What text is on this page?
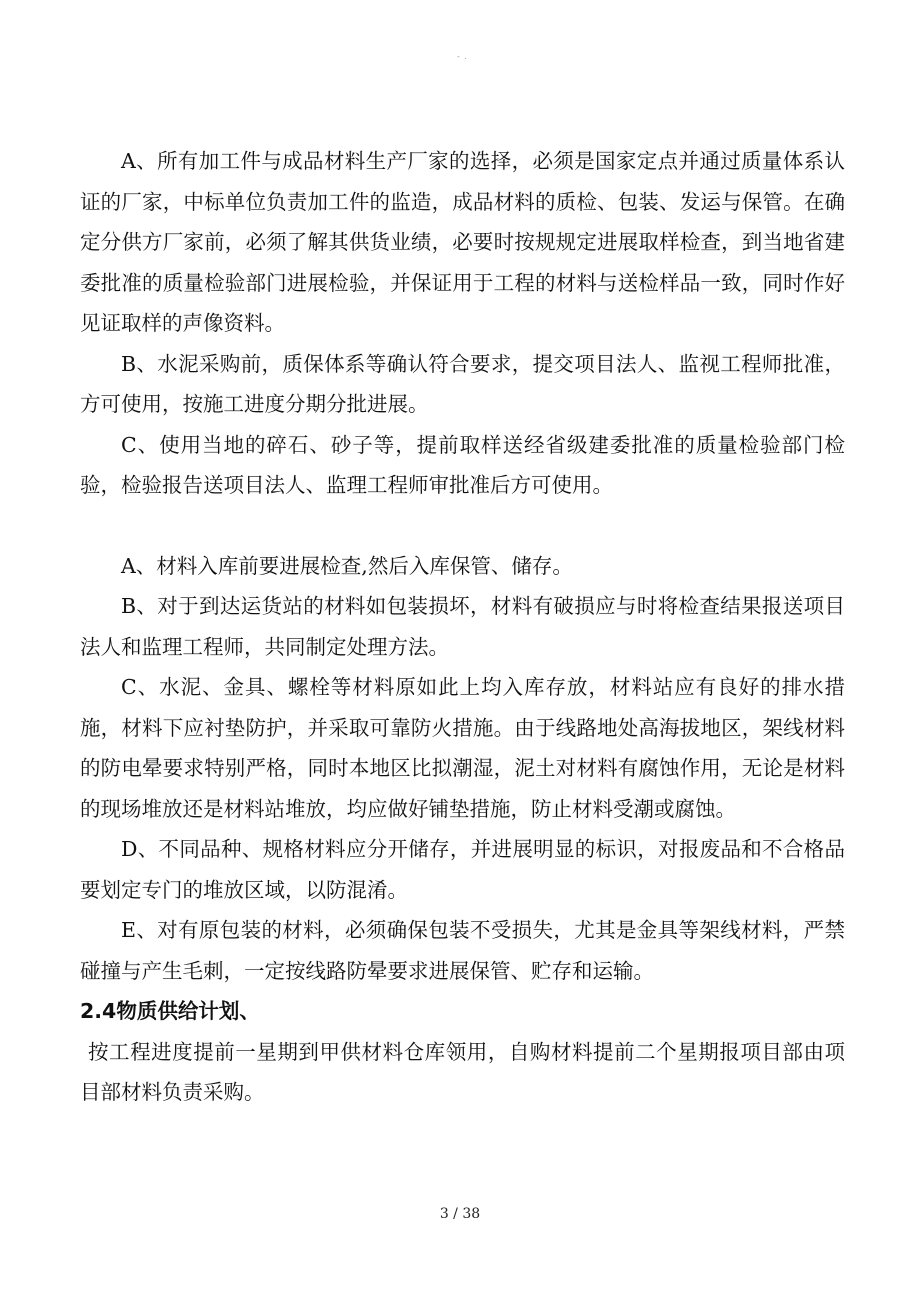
- .

A、所有加工件与成品材料生产厂家的选择，必须是国家定点并通过质量体系认证的厂家，中标单位负责加工件的监造，成品材料的质检、包装、发运与保管。在确定分供方厂家前，必须了解其供货业绩，必要时按规规定进展取样检查，到当地省建委批准的质量检验部门进展检验，并保证用于工程的材料与送检样品一致，同时作好见证取样的声像资料。

B、水泥采购前，质保体系等确认符合要求，提交项目法人、监视工程师批准，方可使用，按施工进度分期分批进展。

C、使用当地的碎石、砂子等，提前取样送经省级建委批准的质量检验部门检验，检验报告送项目法人、监理工程师审批准后方可使用。

A、材料入库前要进展检查,然后入库保管、储存。

B、对于到达运货站的材料如包装损坏，材料有破损应与时将检查结果报送项目法人和监理工程师，共同制定处理方法。

C、水泥、金具、螺栓等材料原如此上均入库存放，材料站应有良好的排水措施，材料下应衬垫防护，并采取可靠防火措施。由于线路地处高海拔地区，架线材料的防电晕要求特别严格，同时本地区比拟潮湿，泥土对材料有腐蚀作用，无论是材料的现场堆放还是材料站堆放，均应做好铺垫措施，防止材料受潮或腐蚀。

D、不同品种、规格材料应分开储存，并进展明显的标识，对报废品和不合格品要划定专门的堆放区域，以防混淆。

E、对有原包装的材料，必须确保包装不受损失，尤其是金具等架线材料，严禁碰撞与产生毛刺，一定按线路防晕要求进展保管、贮存和运输。

2.4物质供给计划、

按工程进度提前一星期到甲供材料仓库领用，自购材料提前二个星期报项目部由项目部材料负责采购。

3 / 38
